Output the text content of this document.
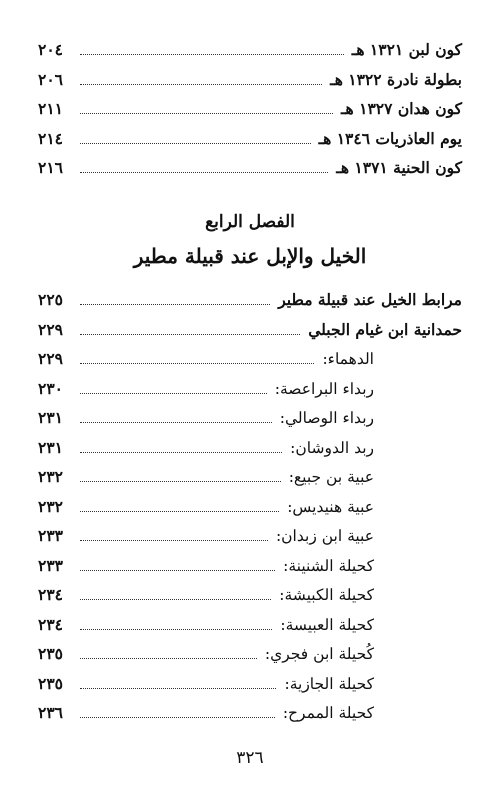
كون لبن ١٣٢١ هـ
٢٠٤
بطولة نادرة ١٣٢٢ هـ
٢٠٦
كون هدان ١٣٢٧ هـ
٢١١
يوم العاذريات ١٣٤٦ هـ
٢١٤
كون الحنية ١٣٧١ هـ
٢١٦
الفصل الرابع
الخيل والإبل عند قبيلة مطير
مرابط الخيل عند قبيلة مطير
٢٢٥
حمدانية ابن غيام الجبلي
٢٢٩
الدهماء:
٢٢٩
ربداء البراعصة:
٢٣٠
ربداء الوصالي:
٢٣١
ربد الدوشان:
٢٣١
عبية بن جبيع:
٢٣٢
عبية هنيديس:
٢٣٢
عبية ابن زبدان:
٢٣٣
كحيلة الشنينة:
٢٣٣
كحيلة الكبيشة:
٢٣٤
كحيلة العبيسة:
٢٣٤
كُحيلة ابن فجري:
٢٣٥
كحيلة الجازية:
٢٣٥
كحيلة الممرح:
٢٣٦
٣٢٦
